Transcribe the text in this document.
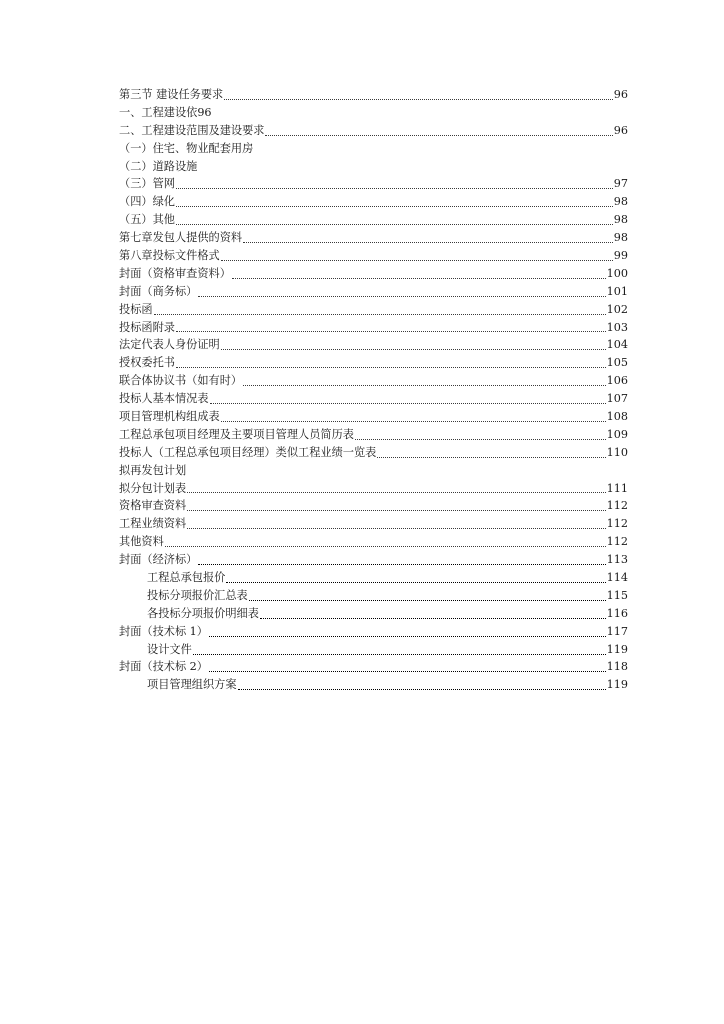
第三节 建设任务要求	96
一、工程建设依96
二、工程建设范围及建设要求	96
（一）住宅、物业配套用房
（二）道路设施
（三）管网	97
（四）绿化	98
（五）其他	98
第七章发包人提供的资料	98
第八章投标文件格式	99
封面（资格审查资料）	100
封面（商务标）	101
投标函	102
投标函附录	103
法定代表人身份证明	104
授权委托书	105
联合体协议书（如有时）	106
投标人基本情况表	107
项目管理机构组成表	108
工程总承包项目经理及主要项目管理人员简历表	109
投标人（工程总承包项目经理）类似工程业绩一览表	110
拟再发包计划
拟分包计划表	111
资格审查资料	112
工程业绩资料	112
其他资料	112
封面（经济标）	113
工程总承包报价	114
投标分项报价汇总表	115
各投标分项报价明细表	116
封面（技术标 1）	117
设计文件	119
封面（技术标 2）	118
项目管理组织方案	119
